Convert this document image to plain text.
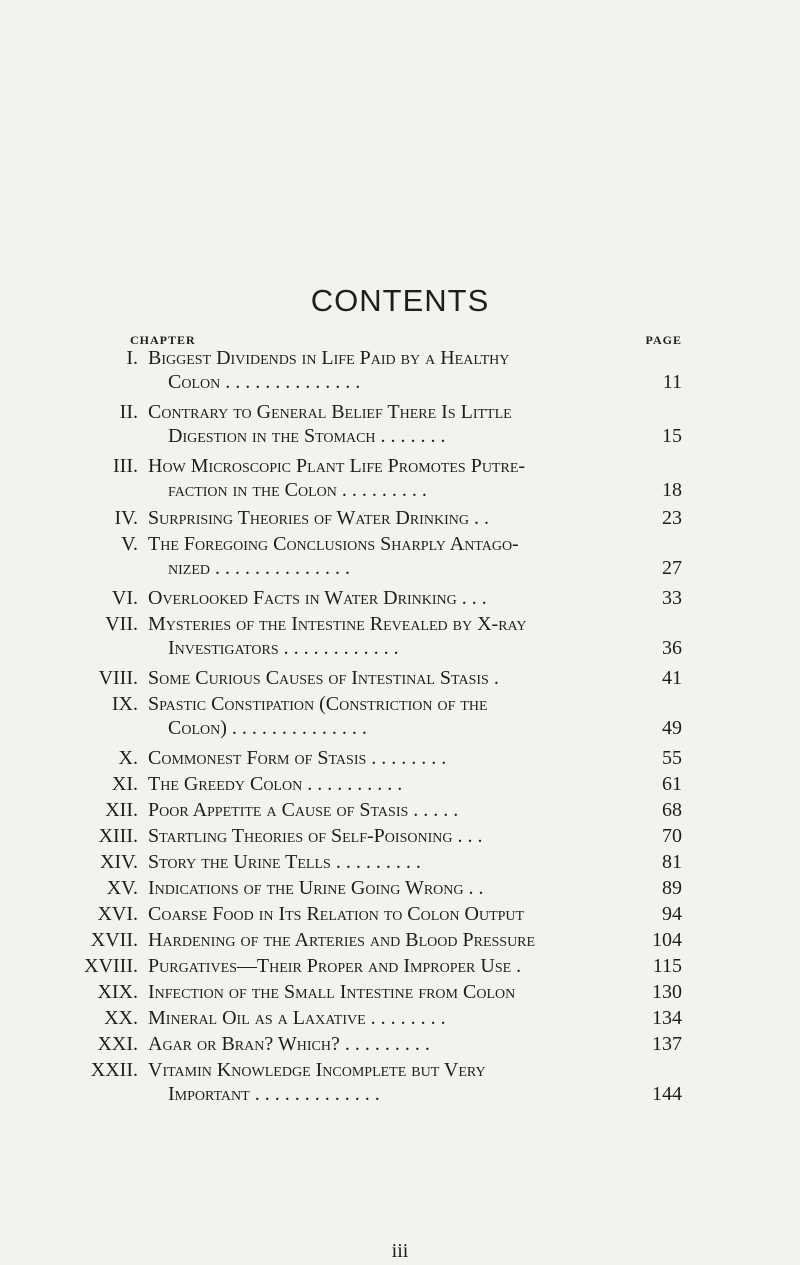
CONTENTS
CHAPTER	PAGE
I. Biggest Dividends in Life Paid by a Healthy
Colon . . . . . . . . . . . . . .	11
II. Contrary to General Belief There Is Little
Digestion in the Stomach . . . . . . .	15
III. How Microscopic Plant Life Promotes Putre-
faction in the Colon . . . . . . . . .	18
IV. Surprising Theories of Water Drinking . .	23
V. The Foregoing Conclusions Sharply Antago-
nized . . . . . . . . . . . . . .	27
VI. Overlooked Facts in Water Drinking . . .	33
VII. Mysteries of the Intestine Revealed by X-ray
Investigators . . . . . . . . . . . .	36
VIII. Some Curious Causes of Intestinal Stasis .	41
IX. Spastic Constipation (Constriction of the
Colon) . . . . . . . . . . . . . .	49
X. Commonest Form of Stasis . . . . . . . .	55
XI. The Greedy Colon . . . . . . . . . .	61
XII. Poor Appetite a Cause of Stasis . . . . .	68
XIII. Startling Theories of Self-Poisoning . . .	70
XIV. Story the Urine Tells . . . . . . . . .	81
XV. Indications of the Urine Going Wrong . .	89
XVI. Coarse Food in Its Relation to Colon Output	94
XVII. Hardening of the Arteries and Blood Pressure	104
XVIII. Purgatives—Their Proper and Improper Use .	115
XIX. Infection of the Small Intestine from Colon	130
XX. Mineral Oil as a Laxative . . . . . . . .	134
XXI. Agar or Bran? Which? . . . . . . . . .	137
XXII. Vitamin Knowledge Incomplete but Very
Important . . . . . . . . . . . . .	144
iii
